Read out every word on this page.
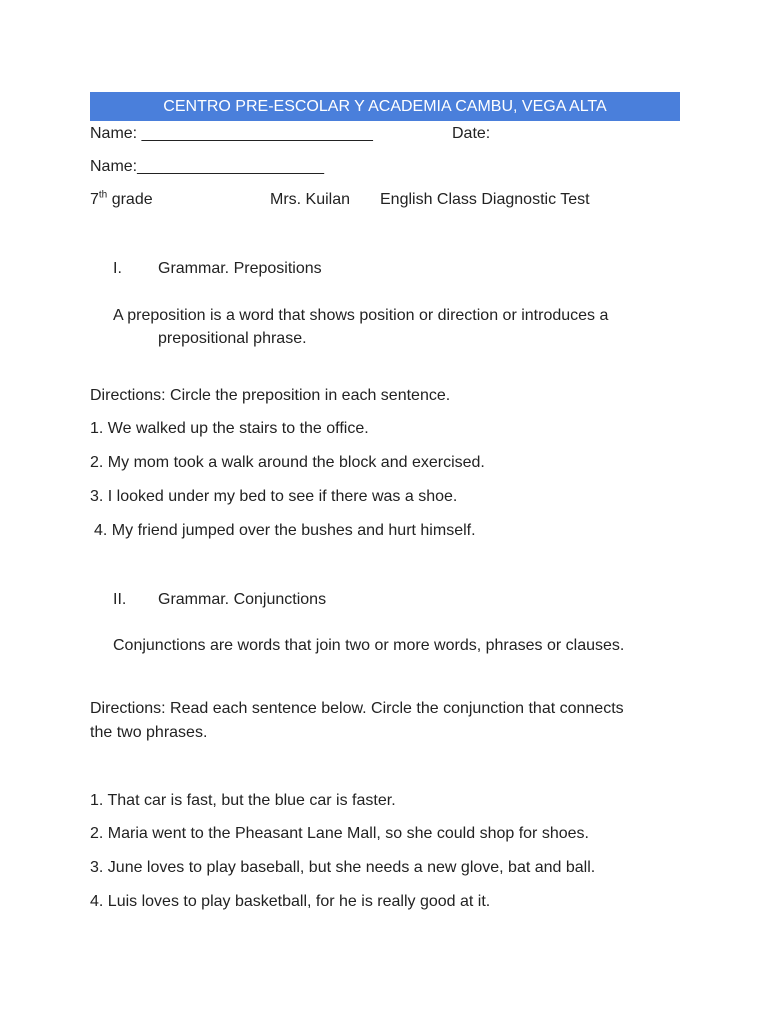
CENTRO PRE-ESCOLAR Y ACADEMIA CAMBU, VEGA ALTA
Name: __________________________	Date:
Name:_____________________
7th grade	Mrs. Kuilan English Class Diagnostic Test
I. Grammar. Prepositions
A preposition is a word that shows position or direction or introduces a
prepositional phrase.
Directions: Circle the preposition in each sentence.
1. We walked up the stairs to the office.
2. My mom took a walk around the block and exercised.
3. I looked under my bed to see if there was a shoe.
4. My friend jumped over the bushes and hurt himself.
II. Grammar. Conjunctions
Conjunctions are words that join two or more words, phrases or clauses.
Directions: Read each sentence below. Circle the conjunction that connects
the two phrases.
1. That car is fast, but the blue car is faster.
2. Maria went to the Pheasant Lane Mall, so she could shop for shoes.
3. June loves to play baseball, but she needs a new glove, bat and ball.
4. Luis loves to play basketball, for he is really good at it.
